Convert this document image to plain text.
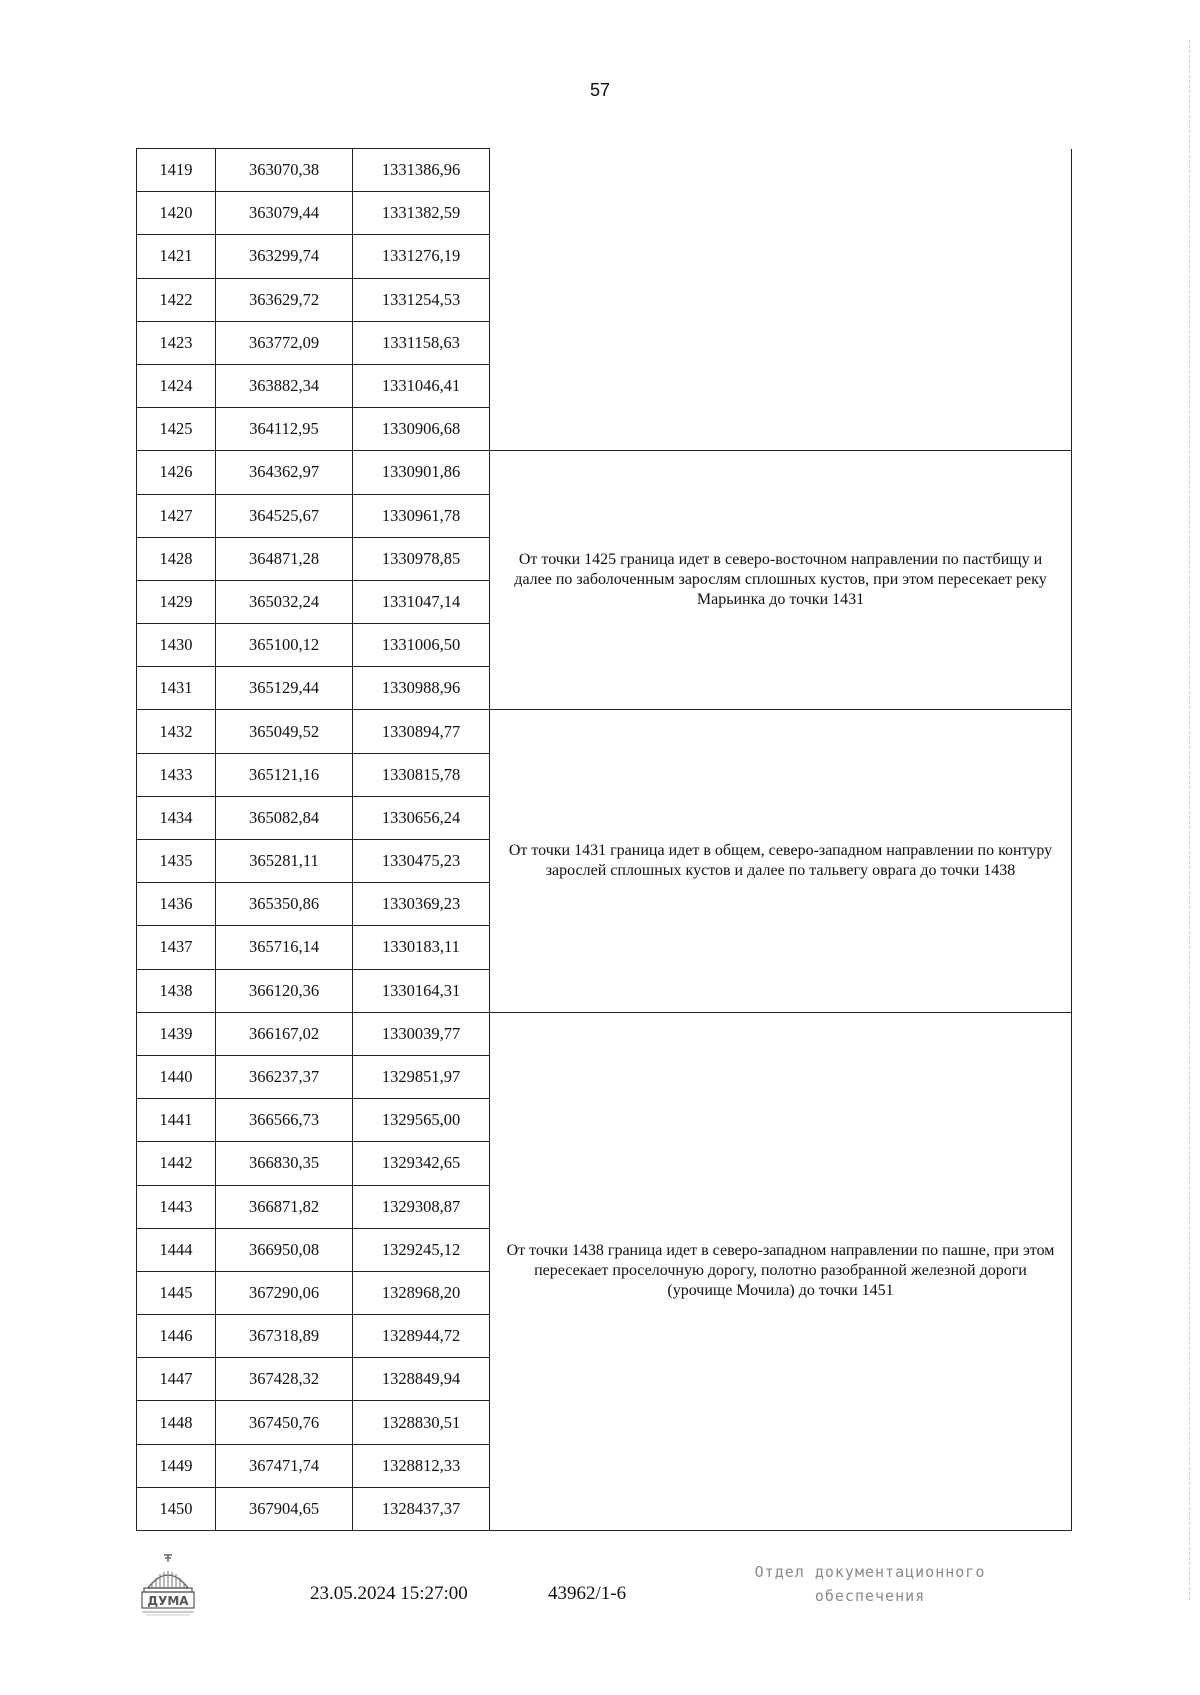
57
1419	363070,38	1331386,96	
1420	363079,44	1331382,59	
1421	363299,74	1331276,19	
1422	363629,72	1331254,53	
1423	363772,09	1331158,63	
1424	363882,34	1331046,41	
1425	364112,95	1330906,68	
1426	364362,97	1330901,86	От точки 1425 граница идет в северо-восточном направлении по пастбищу и далее по заболоченным зарослям сплошных кустов, при этом пересекает реку Марьинка до точки 1431
1427	364525,67	1330961,78	
1428	364871,28	1330978,85	
1429	365032,24	1331047,14	
1430	365100,12	1331006,50	
1431	365129,44	1330988,96	
1432	365049,52	1330894,77	От точки 1431 граница идет в общем, северо-западном направлении по контуру зарослей сплошных кустов и далее по тальвегу оврага до точки 1438
1433	365121,16	1330815,78	
1434	365082,84	1330656,24	
1435	365281,11	1330475,23	
1436	365350,86	1330369,23	
1437	365716,14	1330183,11	
1438	366120,36	1330164,31	
1439	366167,02	1330039,77	От точки 1438 граница идет в северо-западном направлении по пашне, при этом пересекает проселочную дорогу, полотно разобранной железной дороги (урочище Мочила) до точки 1451
1440	366237,37	1329851,97	
1441	366566,73	1329565,00	
1442	366830,35	1329342,65	
1443	366871,82	1329308,87	
1444	366950,08	1329245,12	
1445	367290,06	1328968,20	
1446	367318,89	1328944,72	
1447	367428,32	1328849,94	
1448	367450,76	1328830,51	
1449	367471,74	1328812,33	
1450	367904,65	1328437,37	
ДУМА	23.05.2024 15:27:00	43962/1-6
Отдел документационного
обеспечения
